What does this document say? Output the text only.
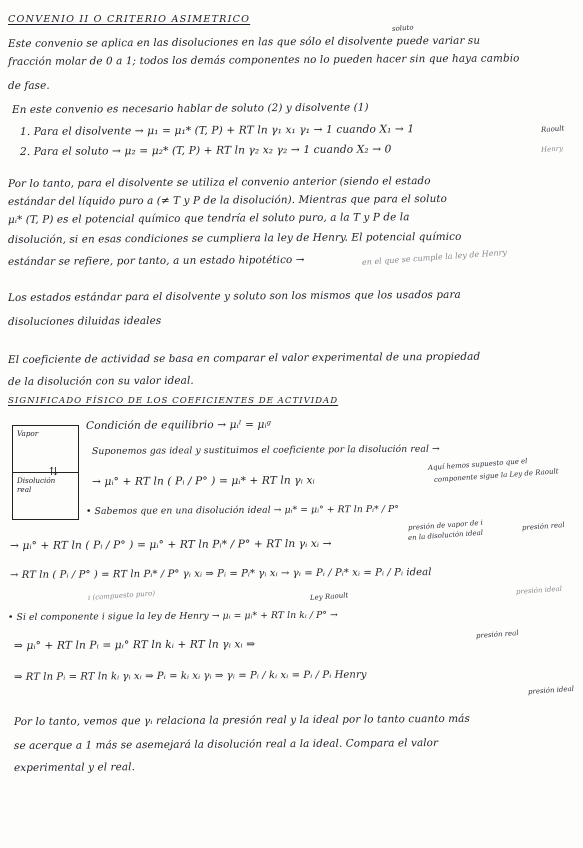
CONVENIO II O CRITERIO ASIMETRICO
Este convenio se aplica en las disoluciones en las que sólo el disolvente puede variar su
soluto
fracción molar de 0 a 1; todos los demás componentes no lo pueden hacer sin que haya cambio
de fase.
En este convenio es necesario hablar de soluto (2) y disolvente (1)
1. Para el disolvente → μ₁ = μ₁* (T, P) + RT ln γ₁ x₁ γ₁ → 1 cuando X₁ → 1	Raoult
2. Para el soluto → μ₂ = μ₂* (T, P) + RT ln γ₂ x₂ γ₂ → 1 cuando X₂ → 0	Henry
Por lo tanto, para el disolvente se utiliza el convenio anterior (siendo el estado
estándar del líquido puro a (≠ T y P de la disolución). Mientras que para el soluto
μᵢ* (T, P) es el potencial químico que tendría el soluto puro, a la T y P de la
disolución, si en esas condiciones se cumpliera la ley de Henry. El potencial químico
estándar se refiere, por tanto, a un estado hipotético →	en el que se cumple la ley de Henry
Los estados estándar para el disolvente y soluto son los mismos que los usados para
disoluciones diluidas ideales
El coeficiente de actividad se basa en comparar el valor experimental de una propiedad
de la disolución con su valor ideal.
SIGNIFICADO FÍSICO DE LOS COEFICIENTES DE ACTIVIDAD
Vapor
⇅
Disolución real
Condición de equilibrio → μᵢˡ = μᵢᵍ
Suponemos gas ideal y sustituimos el coeficiente por la disolución real →
→ μᵢ° + RT ln ( Pᵢ / P° ) = μᵢ* + RT ln γᵢ xᵢ
Aquí hemos supuesto que el
componente sigue la Ley de Raoult
• Sabemos que en una disolución ideal → μᵢ* = μᵢ° + RT ln Pᵢ* / P°
presión de vapor de i
en la disolución ideal
presión real
→ μᵢ° + RT ln ( Pᵢ / P° ) = μᵢ° + RT ln Pᵢ* / P° + RT ln γᵢ xᵢ →
→ RT ln ( Pᵢ / P° ) = RT ln Pᵢ* / P° γᵢ xᵢ ⇒ Pᵢ = Pᵢ* γᵢ xᵢ → γᵢ = Pᵢ / Pᵢ* xᵢ = Pᵢ / Pᵢ ideal
Ley Raoult
i (compuesto puro)	presión ideal
• Si el componente i sigue la ley de Henry → μᵢ = μᵢ* + RT ln kᵢ / P° →
presión real
⇒ μᵢ° + RT ln Pᵢ = μᵢ° RT ln kᵢ + RT ln γᵢ xᵢ ⇒
⇒ RT ln Pᵢ = RT ln kᵢ γᵢ xᵢ ⇒ Pᵢ = kᵢ xᵢ γᵢ ⇒ γᵢ = Pᵢ / kᵢ xᵢ = Pᵢ / Pᵢ Henry
presión ideal
Por lo tanto, vemos que γᵢ relaciona la presión real y la ideal por lo tanto cuanto más
se acerque a 1 más se asemejará la disolución real a la ideal. Compara el valor
experimental y el real.
